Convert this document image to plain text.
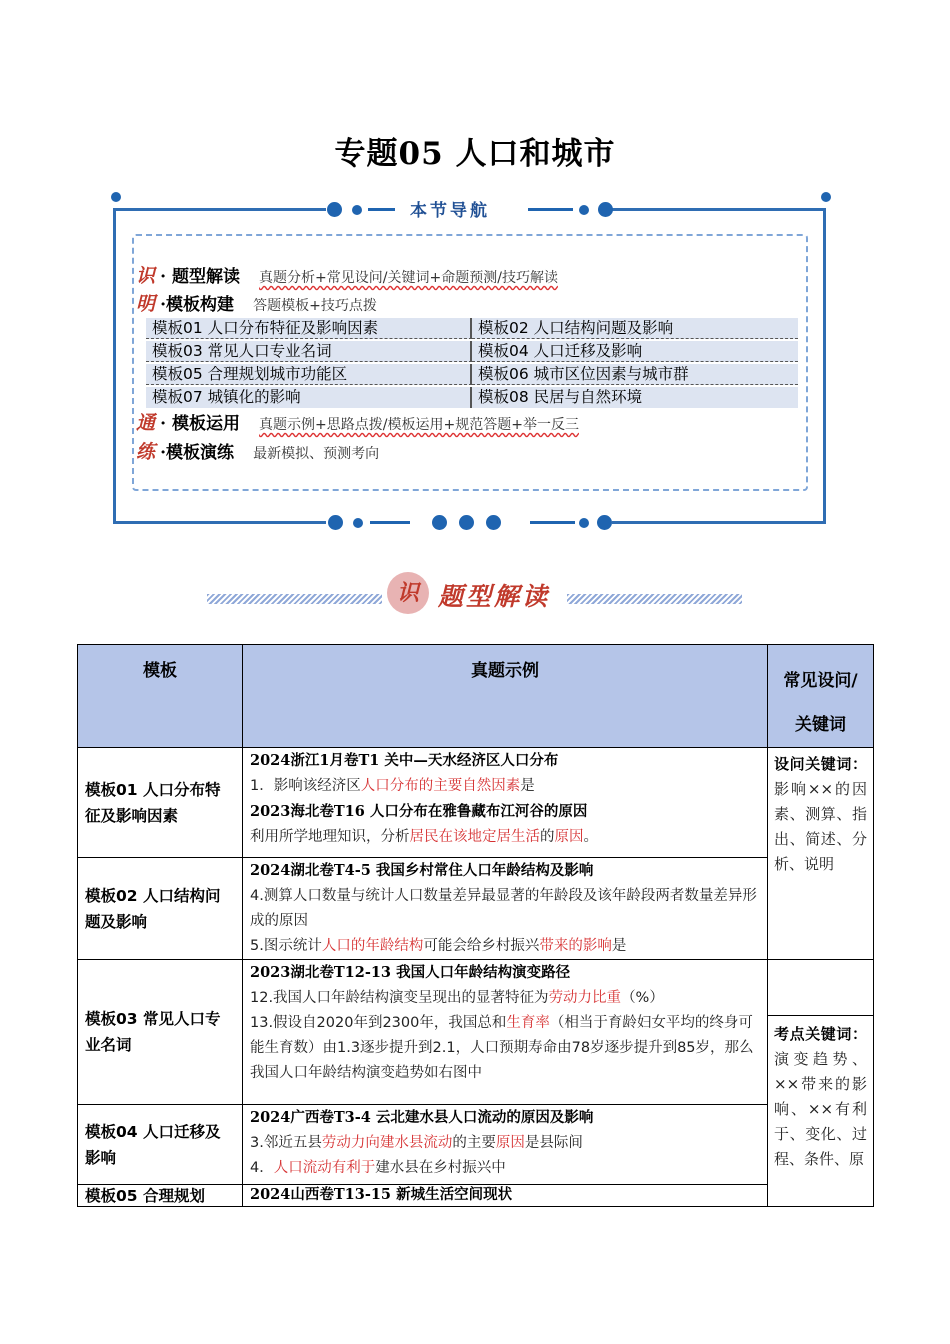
专题05 人口和城市
本节导航
识 · 题型解读 真题分析+常见设问/关键词+命题预测/技巧解读
明 ·模板构建 答题模板+技巧点拨
模板01 人口分布特征及影响因素	模板02 人口结构问题及影响
模板03 常见人口专业名词	模板04 人口迁移及影响
模板05 合理规划城市功能区	模板06 城市区位因素与城市群
模板07 城镇化的影响	模板08 民居与自然环境
通 · 模板运用 真题示例+思路点拨/模板运用+规范答题+举一反三
练 ·模板演练 最新模拟、预测考向
识 题型解读
模板	真题示例	常见设问/关键词
模板01 人口分布特征及影响因素	2024浙江1月卷T1 关中—天水经济区人口分布
1．影响该经济区人口分布的主要自然因素是
2023海北卷T16 人口分布在雅鲁藏布江河谷的原因
利用所学地理知识，分析居民在该地定居生活的原因。	设问关键词：影响××的因素、测算、指出、简述、分析、说明
模板02 人口结构问题及影响	2024湖北卷T4-5 我国乡村常住人口年龄结构及影响
4.测算人口数量与统计人口数量差异最显著的年龄段及该年龄段两者数量差异形成的原因
5.图示统计人口的年龄结构可能会给乡村振兴带来的影响是	

模板03 常见人口专业名词	2023湖北卷T12-13 我国人口年龄结构演变路径
12.我国人口年龄结构演变呈现出的显著特征为劳动力比重（%）
13.假设自2020年到2300年，我国总和生育率（相当于育龄妇女平均的终身可能生育数）由1.3逐步提升到2.1，人口预期寿命由78岁逐步提升到85岁，那么我国人口年龄结构演变趋势如右图中	考点关键词：演变趋势、××带来的影响、××有利于、变化、过程、条件、原
模板04 人口迁移及影响	2024广西卷T3-4 云北建水县人口流动的原因及影响
3.邻近五县劳动力向建水县流动的主要原因是县际间
4．人口流动有利于建水县在乡村振兴中	

模板05 合理规划	2024山西卷T13-15 新城生活空间现状	
